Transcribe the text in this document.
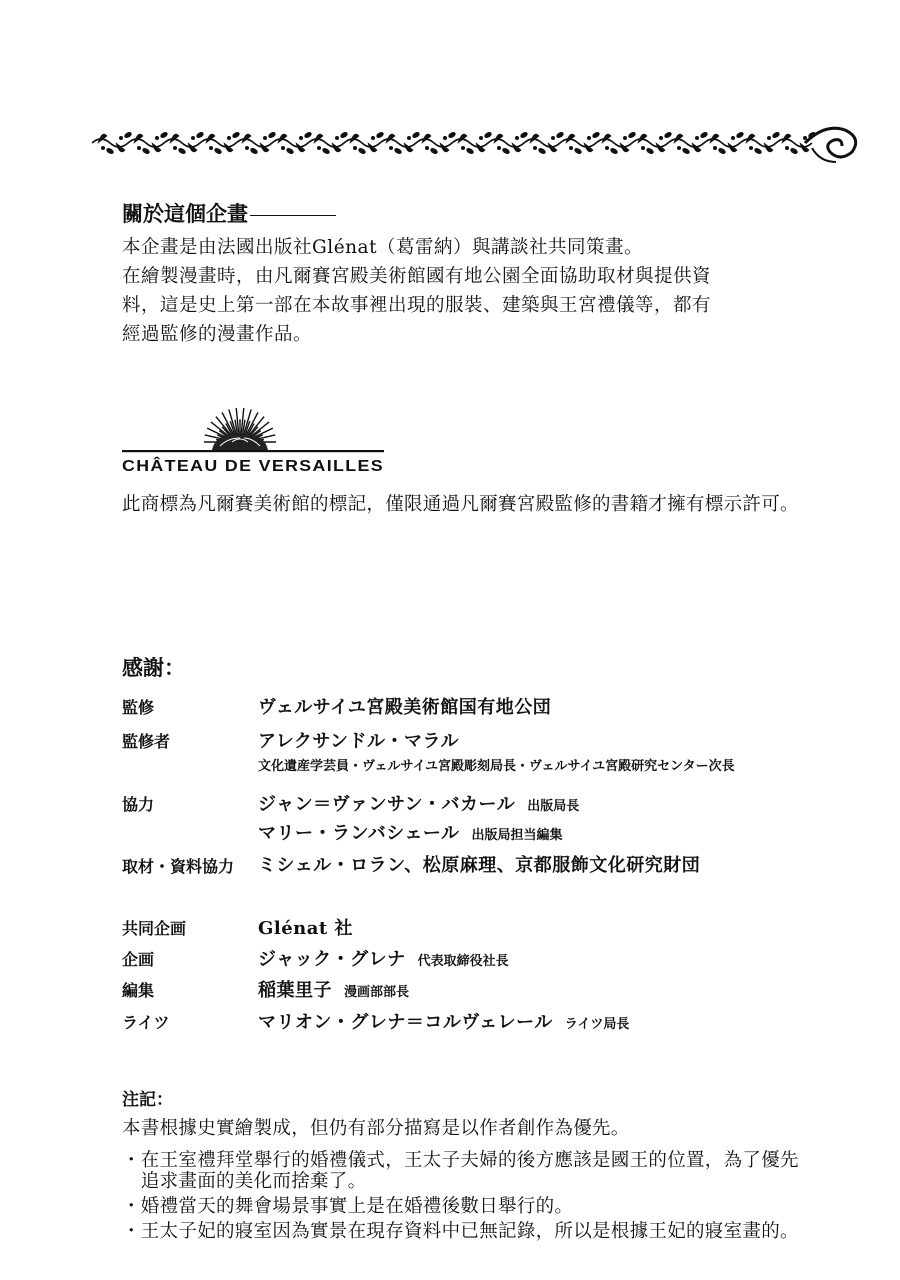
關於這個企畫
本企畫是由法國出版社Glénat（葛雷納）與講談社共同策畫。
在繪製漫畫時，由凡爾賽宮殿美術館國有地公園全面協助取材與提供資
料，這是史上第一部在本故事裡出現的服裝、建築與王宮禮儀等，都有
經過監修的漫畫作品。
CHÂTEAU DE VERSAILLES
此商標為凡爾賽美術館的標記，僅限通過凡爾賽宮殿監修的書籍才擁有標示許可。
感謝：
監修	ヴェルサイユ宮殿美術館国有地公団
監修者	アレクサンドル・マラル
文化遺産学芸員・ヴェルサイユ宮殿彫刻局長・ヴェルサイユ宮殿研究センター次長
協力	ジャン＝ヴァンサン・バカール 出版局長
マリー・ランバシェール 出版局担当編集
取材・資料協力 ミシェル・ロラン、松原麻理、京都服飾文化研究財団
共同企画	Glénat 社
企画	ジャック・グレナ 代表取締役社長
編集	稲葉里子 漫画部部長
ライツ	マリオン・グレナ＝コルヴェレール ライツ局長
注記：
本書根據史實繪製成，但仍有部分描寫是以作者創作為優先。
・在王室禮拜堂舉行的婚禮儀式，王太子夫婦的後方應該是國王的位置，為了優先
　追求畫面的美化而捨棄了。
・婚禮當天的舞會場景事實上是在婚禮後數日舉行的。
・王太子妃的寢室因為實景在現存資料中已無記錄，所以是根據王妃的寢室畫的。
